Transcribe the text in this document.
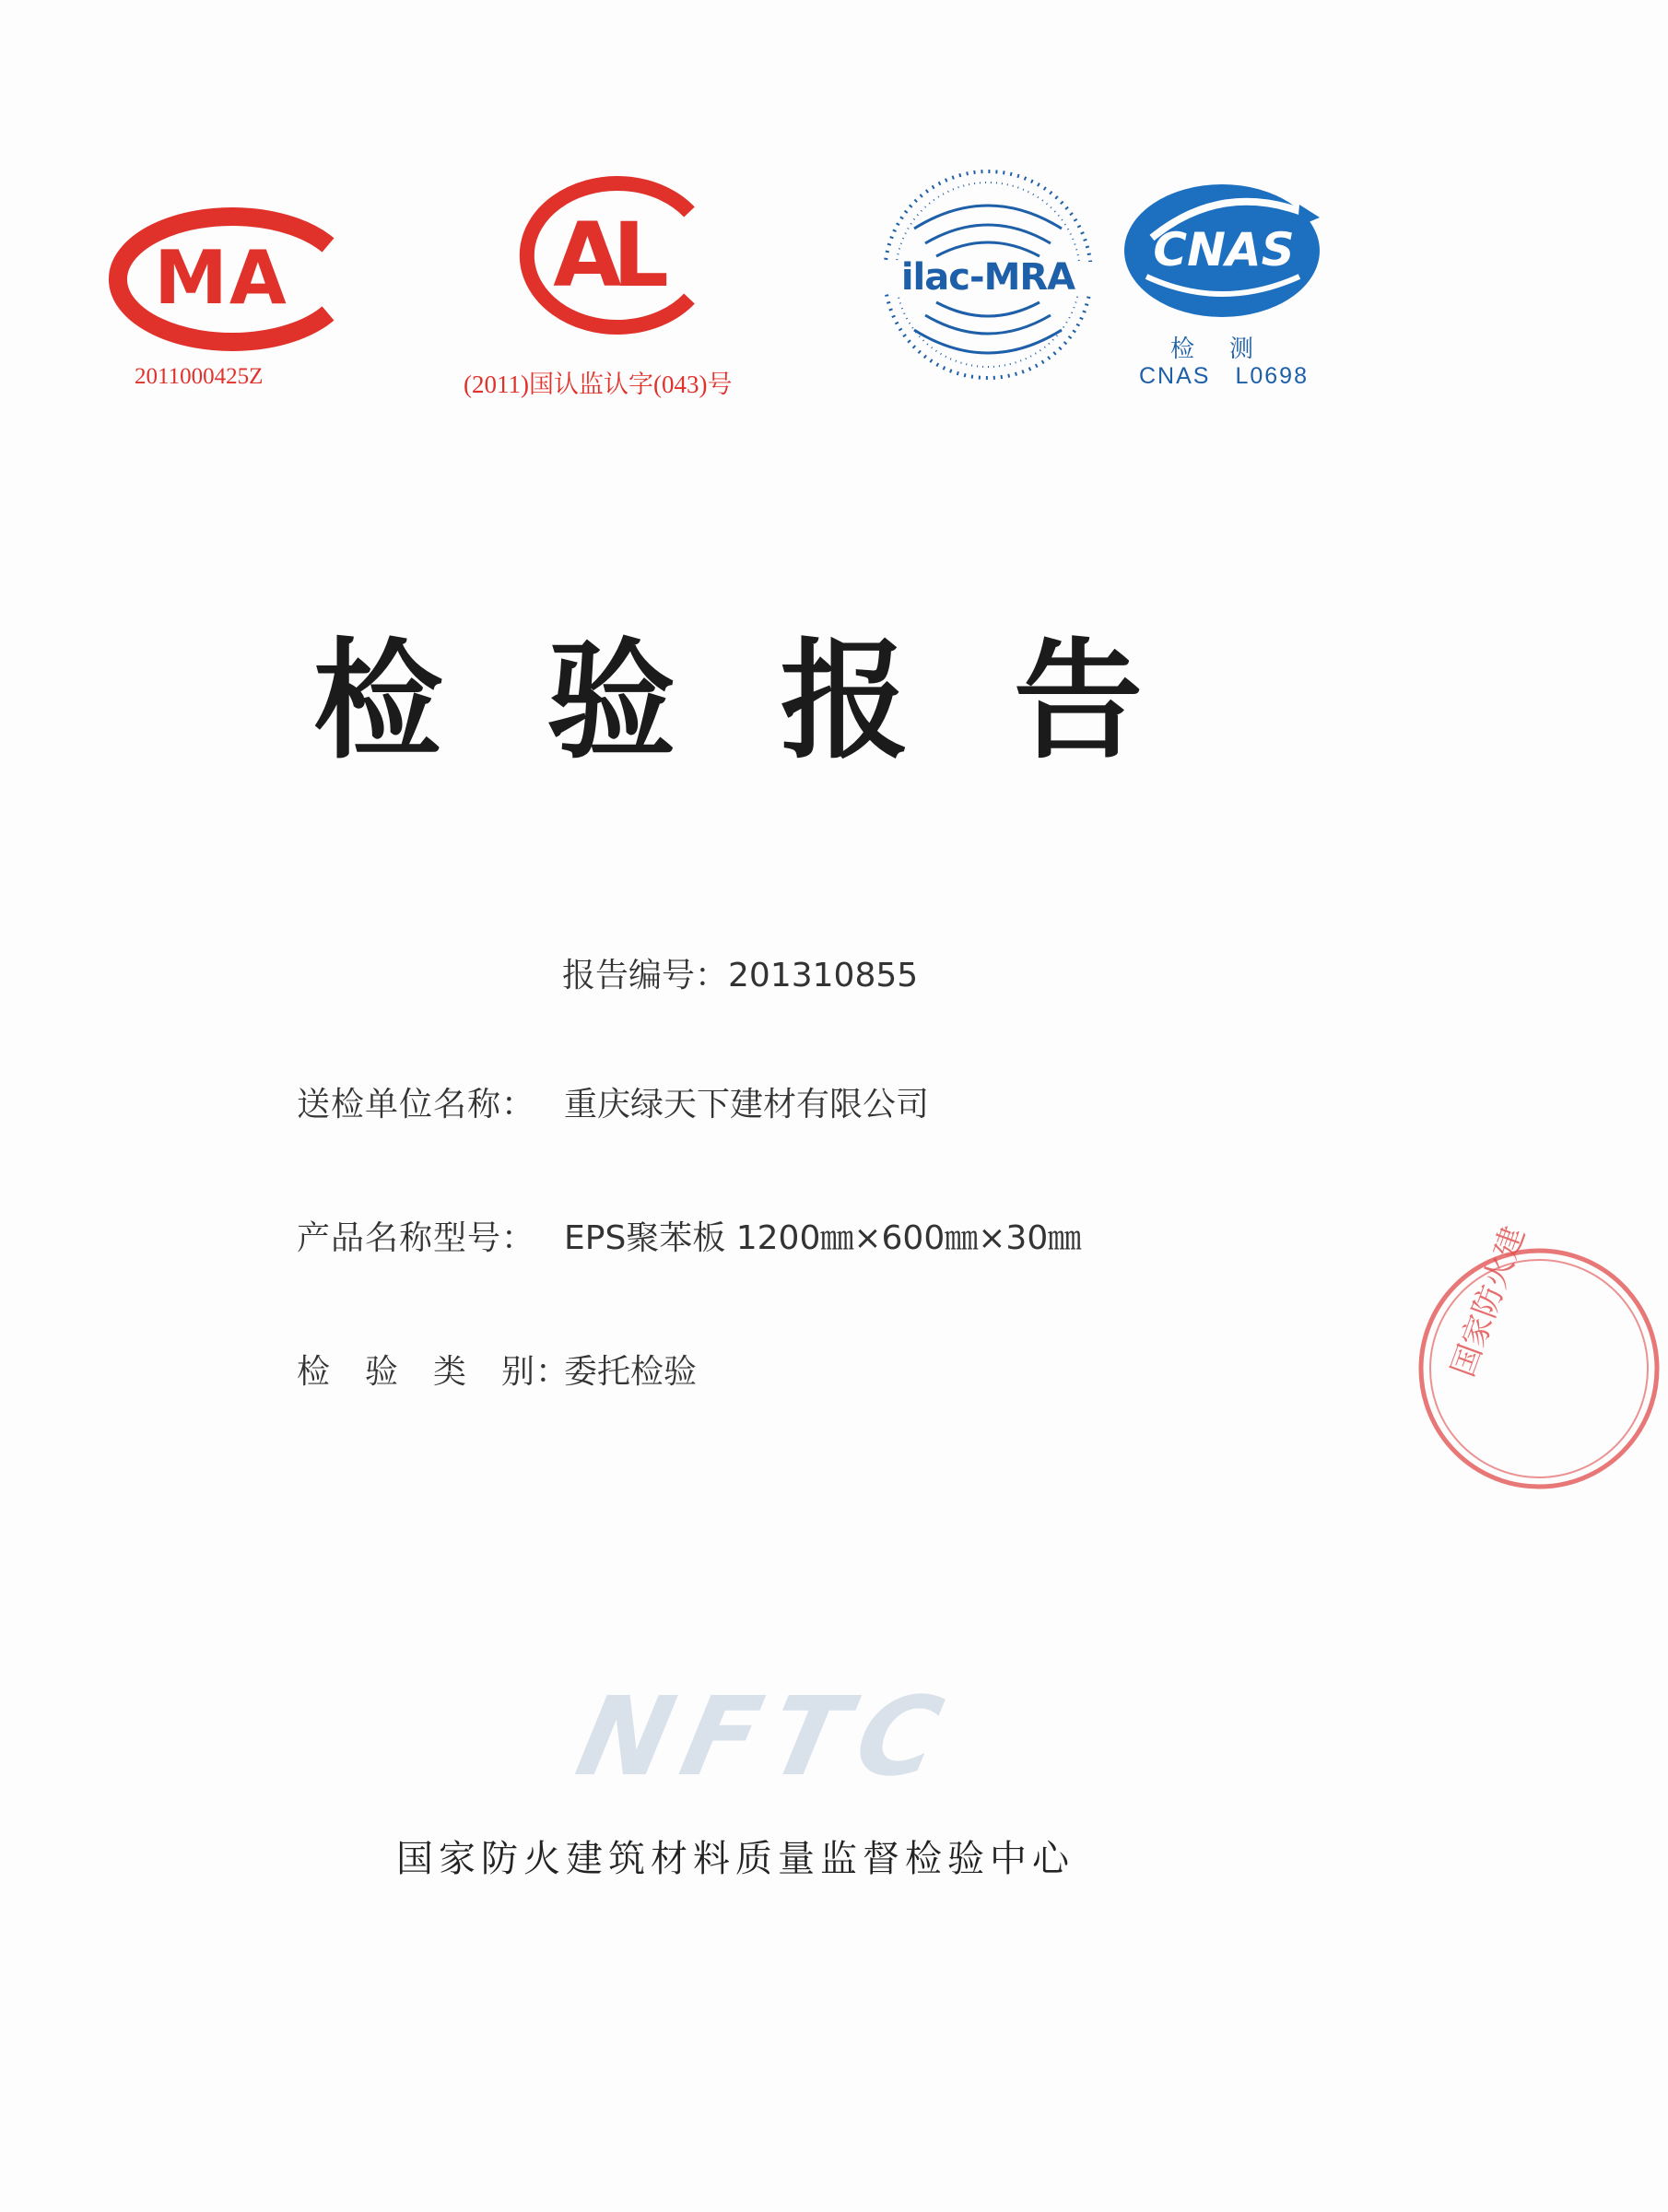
MA
2011000425Z
AL
(2011)国认监认字(043)号
ilac-MRA
CNAS
检　测
CNAS　L0698
检 验 报 告
报告编号：201310855
送检单位名称： 重庆绿天下建材有限公司
产品名称型号： EPS聚苯板 1200㎜×600㎜×30㎜
检　验　类　别：
委托检验
NFTC
国家防火建筑材料质量监督检验中心
国家防火建
